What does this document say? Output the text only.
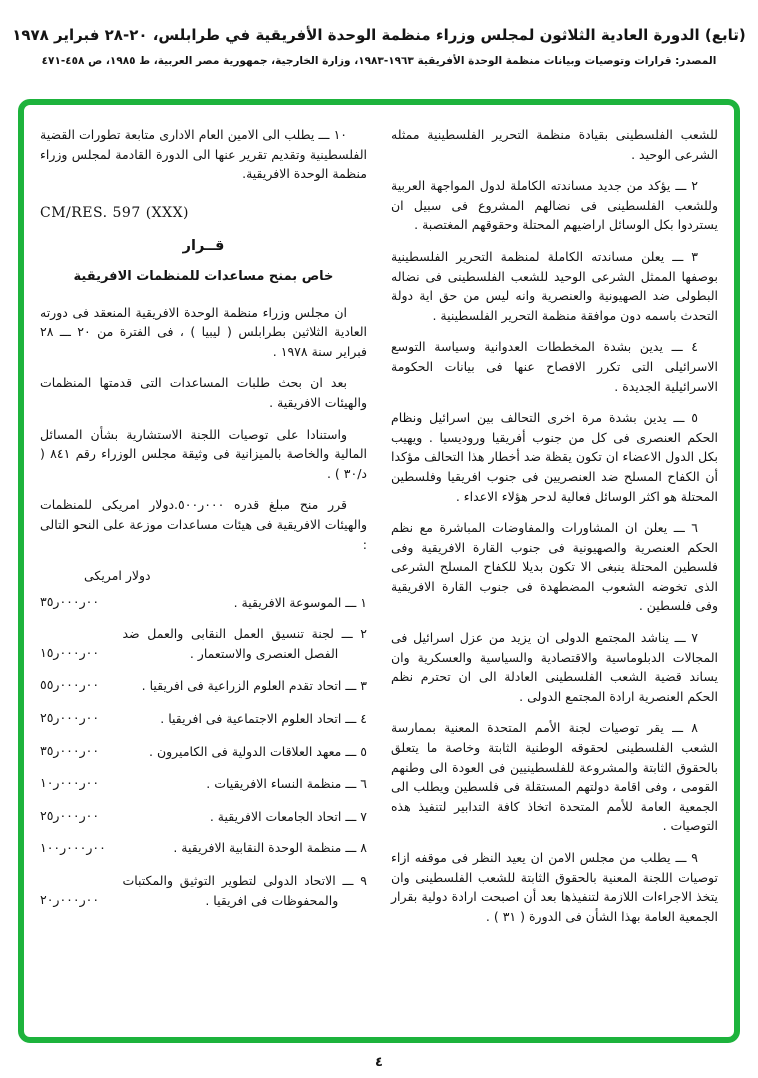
(تابع) الدورة العادية الثلاثون لمجلس وزراء منظمة الوحدة الأفريقية في طرابلس، ٢٠-٢٨ فبراير ١٩٧٨
المصدر: قرارات وتوصيات وبيانات منظمة الوحدة الأفريقية ١٩٦٣-١٩٨٣، وزارة الخارجية، جمهورية مصر العربية، ط ١٩٨٥، ص ٤٥٨-٤٧١

للشعب الفلسطينى بقيادة منظمة التحرير الفلسطينية ممثله الشرعى الوحيد .

٢ ـــ يؤكد من جديد مساندته الكاملة لدول المواجهة العربية وللشعب الفلسطينى فى نضالهم المشروع فى سبيل ان يستردوا بكل الوسائل اراضيهم المحتلة وحقوقهم المغتصبة .

٣ ـــ يعلن مساندته الكاملة لمنظمة التحرير الفلسطينية بوصفها الممثل الشرعى الوحيد للشعب الفلسطينى فى نضاله البطولى ضد الصهيونية والعنصرية وانه ليس من حق اية دولة التحدث باسمه دون موافقة منظمة التحرير الفلسطينية .

٤ ـــ يدين بشدة المخططات العدوانية وسياسة التوسع الاسرائيلى التى تكرر الافصاح عنها فى بيانات الحكومة الاسرائيلية الجديدة .

٥ ـــ يدين بشدة مرة اخرى التحالف بين اسرائيل ونظام الحكم العنصرى فى كل من جنوب أفريقيا وروديسيا . ويهيب بكل الدول الاعضاء ان تكون يقظة ضد أخطار هذا التحالف مؤكدا أن الكفاح المسلح ضد العنصريين فى جنوب افريقيا وفلسطين المحتلة هو اكثر الوسائل فعالية لدحر هؤلاء الاعداء .

٦ ـــ يعلن ان المشاورات والمفاوضات المباشرة مع نظم الحكم العنصرية والصهيونية فى جنوب القارة الافريقية وفى فلسطين المحتلة ينبغى الا تكون بديلا للكفاح المسلح الشرعى الذى تخوضه الشعوب المضطهدة فى جنوب القارة الافريقية وفى فلسطين .

٧ ـــ يناشد المجتمع الدولى ان يزيد من عزل اسرائيل فى المجالات الدبلوماسية والاقتصادية والسياسية والعسكرية وان يساند قضية الشعب الفلسطينى العادلة الى ان تحترم نظم الحكم العنصرية ارادة المجتمع الدولى .

٨ ـــ يقر توصيات لجنة الأمم المتحدة المعنية بممارسة الشعب الفلسطينى لحقوقه الوطنية الثابتة وخاصة ما يتعلق بالحقوق الثابتة والمشروعة للفلسطينيين فى العودة الى وطنهم القومى ، وفى اقامة دولتهم المستقلة فى فلسطين ويطلب الى الجمعية العامة للأمم المتحدة اتخاذ كافة التدابير لتنفيذ هذه التوصيات .

٩ ـــ يطلب من مجلس الامن ان يعيد النظر فى موقفه ازاء توصيات اللجنة المعنية بالحقوق الثابتة للشعب الفلسطينى وان يتخذ الاجراءات اللازمة لتنفيذها بعد أن اصبحت ارادة دولية بقرار الجمعية العامة بهذا الشأن فى الدورة ( ٣١ ) .

١٠ ـــ يطلب الى الامين العام الادارى متابعة تطورات القضية الفلسطينية وتقديم تقرير عنها الى الدورة القادمة لمجلس وزراء منظمة الوحدة الافريقية.

CM/RES. 597 (XXX)
قــرار
خاص بمنح مساعدات للمنظمات الافريقية

ان مجلس وزراء منظمة الوحدة الافريقية المنعقد فى دورته العادية الثلاثين بطرابلس ( ليبيا ) ، فى الفترة من ٢٠ ـــ ٢٨ فبراير سنة ١٩٧٨ .

بعد ان بحث طلبات المساعدات التى قدمتها المنظمات والهيئات الافريقية .

واستنادا على توصيات اللجنة الاستشارية بشأن المسائل المالية والخاصة بالميزانية فى وثيقة مجلس الوزراء رقم ٨٤١ ( د/٣٠ ) .

قرر منح مبلغ قدره ٥٠٠ر٠٠٠.دولار امريكى للمنظمات والهيئات الافريقية فى هيئات مساعدات موزعة على النحو التالى :

دولار امريكى
١ ـــ الموسوعة الافريقية .
٣٥ر٠٠٠ر٠٠
٢ ـــ لجنة تنسيق العمل النقابى والعمل ضد الفصل العنصرى والاستعمار .
١٥ر٠٠٠ر٠٠
٣ ـــ اتحاد تقدم العلوم الزراعية فى افريقيا .
٥٥ر٠٠٠ر٠٠
٤ ـــ اتحاد العلوم الاجتماعية فى افريقيا .
٢٥ر٠٠٠ر٠٠
٥ ـــ معهد العلاقات الدولية فى الكاميرون .
٣٥ر٠٠٠ر٠٠
٦ ـــ منظمة النساء الافريقيات .
١٠ر٠٠٠ر٠٠
٧ ـــ اتحاد الجامعات الافريقية .
٢٥ر٠٠٠ر٠٠
٨ ـــ منظمة الوحدة النقابية الافريقية .
١٠٠ر٠٠٠ر٠٠
٩ ـــ الاتحاد الدولى لتطوير التوثيق والمكتبات والمحفوظات فى افريقيا .
٢٠ر٠٠٠ر٠٠
٤
